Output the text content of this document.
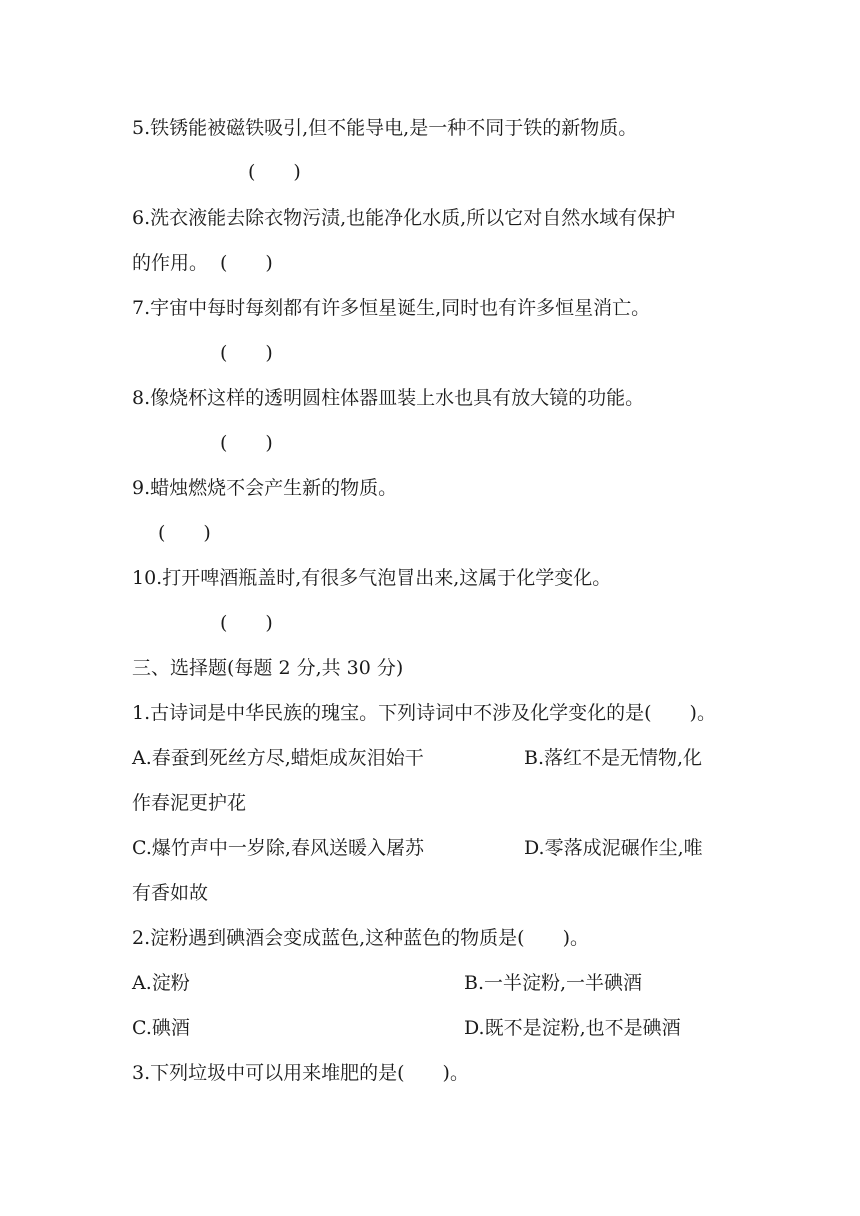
5.铁锈能被磁铁吸引,但不能导电,是一种不同于铁的新物质。
(　　)
6.洗衣液能去除衣物污渍,也能净化水质,所以它对自然水域有保护
的作用。 (　　)
7.宇宙中每时每刻都有许多恒星诞生,同时也有许多恒星消亡。
(　　)
8.像烧杯这样的透明圆柱体器皿装上水也具有放大镜的功能。
(　　)
9.蜡烛燃烧不会产生新的物质。
(　　)
10.打开啤酒瓶盖时,有很多气泡冒出来,这属于化学变化。
(　　)
三、选择题(每题 2 分,共 30 分)
1.古诗词是中华民族的瑰宝。下列诗词中不涉及化学变化的是(　　)。
A.春蚕到死丝方尽,蜡炬成灰泪始干	B.落红不是无情物,化
作春泥更护花
C.爆竹声中一岁除,春风送暖入屠苏	D.零落成泥碾作尘,唯
有香如故
2.淀粉遇到碘酒会变成蓝色,这种蓝色的物质是(　　)。
A.淀粉	B.一半淀粉,一半碘酒
C.碘酒	D.既不是淀粉,也不是碘酒
3.下列垃圾中可以用来堆肥的是(　　)。
